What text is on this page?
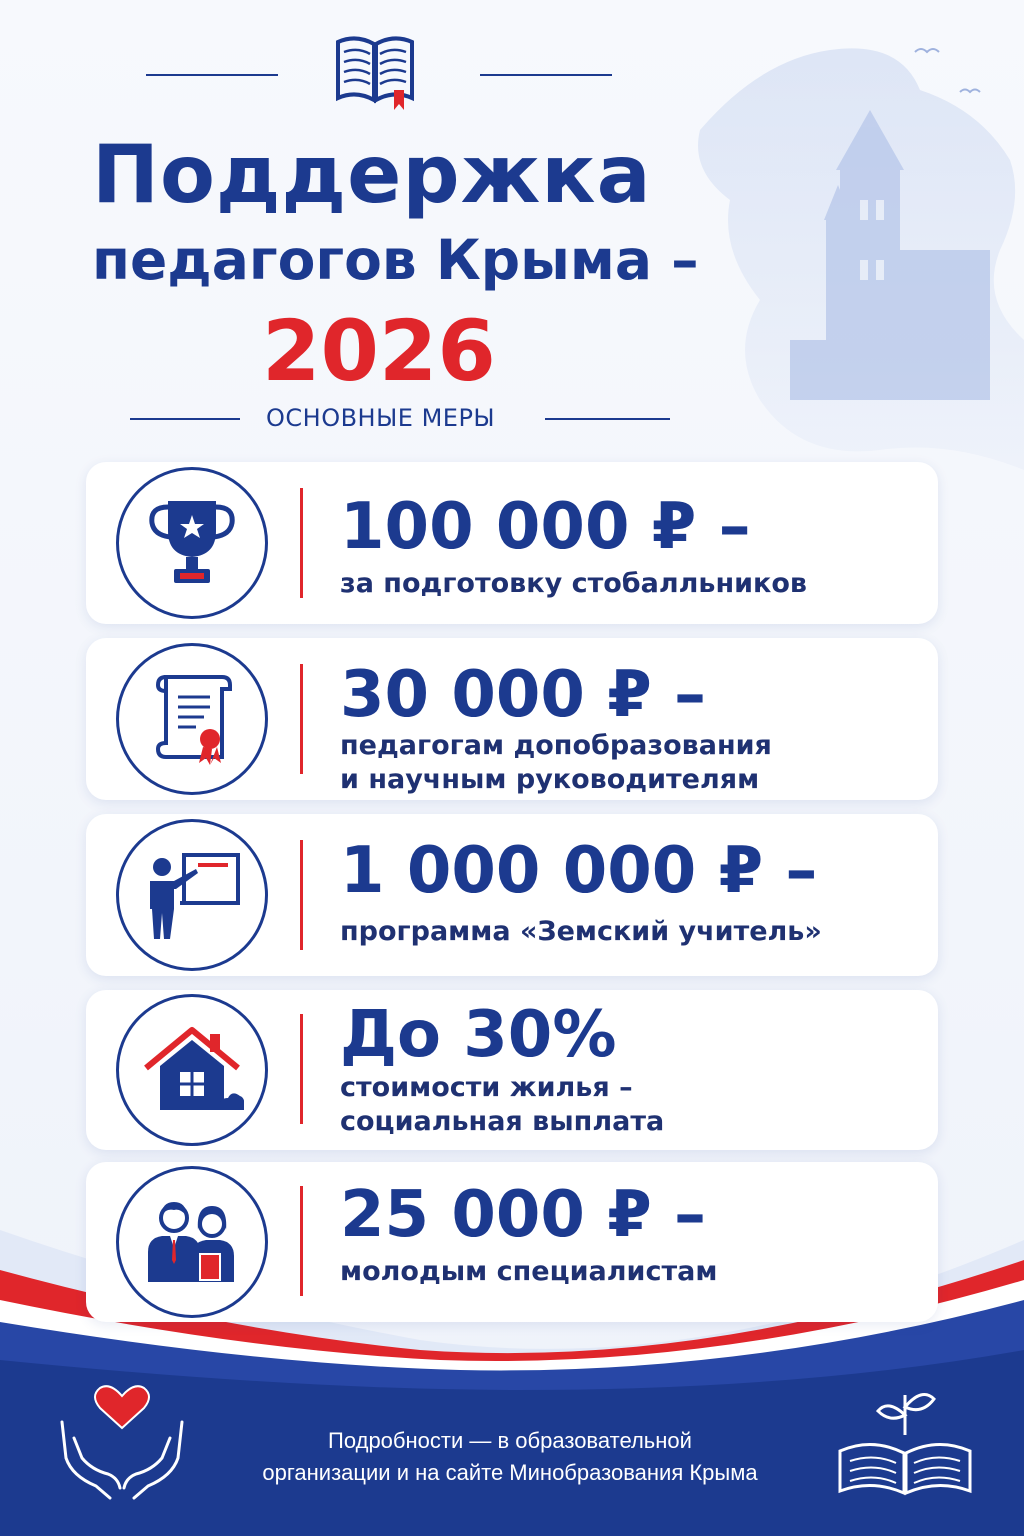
Поддержка
педагогов Крыма –
2026
ОСНОВНЫЕ МЕРЫ
100 000 ₽ –
за подготовку стобалльников
30 000 ₽ –
педагогам допобразования
и научным руководителям
1 000 000 ₽ –
программа «Земский учитель»
До 30%
стоимости жилья –
социальная выплата
25 000 ₽ –
молодым специалистам
Подробности — в образовательной
организации и на сайте Минобразования Крыма
